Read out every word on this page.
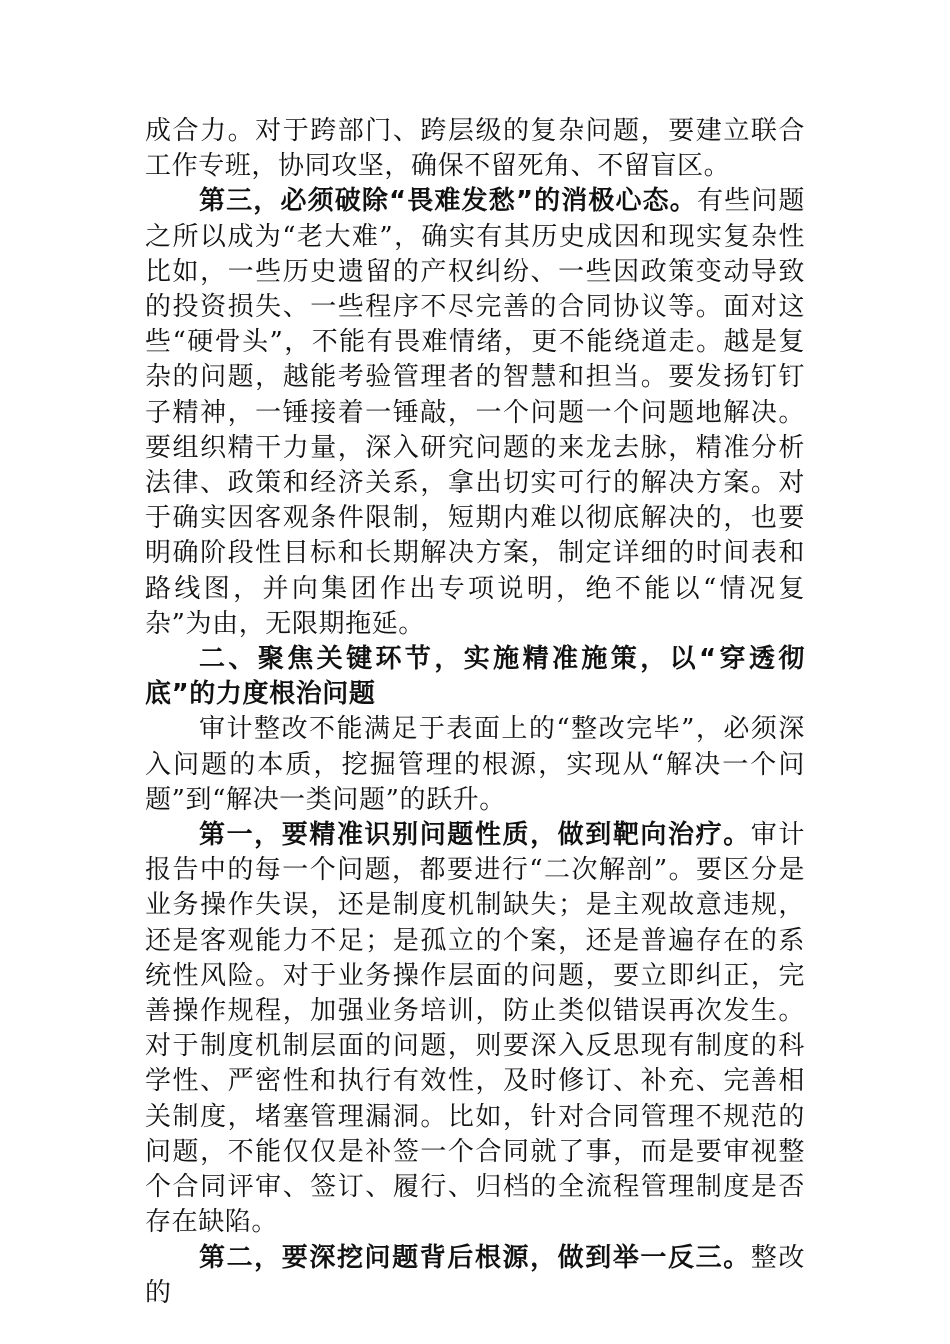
成合力。对于跨部门、跨层级的复杂问题，要建立联合工作专班，协同攻坚，确保不留死角、不留盲区。

第三，必须破除“畏难发愁”的消极心态。有些问题之所以成为“老大难”，确实有其历史成因和现实复杂性比如，一些历史遗留的产权纠纷、一些因政策变动导致的投资损失、一些程序不尽完善的合同协议等。面对这些“硬骨头”，不能有畏难情绪，更不能绕道走。越是复杂的问题，越能考验管理者的智慧和担当。要发扬钉钉子精神，一锤接着一锤敲，一个问题一个问题地解决。要组织精干力量，深入研究问题的来龙去脉，精准分析法律、政策和经济关系，拿出切实可行的解决方案。对于确实因客观条件限制，短期内难以彻底解决的，也要明确阶段性目标和长期解决方案，制定详细的时间表和路线图，并向集团作出专项说明，绝不能以“情况复杂”为由，无限期拖延。

二、聚焦关键环节，实施精准施策，以“穿透彻底”的力度根治问题

审计整改不能满足于表面上的“整改完毕”，必须深入问题的本质，挖掘管理的根源，实现从“解决一个问题”到“解决一类问题”的跃升。

第一，要精准识别问题性质，做到靶向治疗。审计报告中的每一个问题，都要进行“二次解剖”。要区分是业务操作失误，还是制度机制缺失；是主观故意违规，还是客观能力不足；是孤立的个案，还是普遍存在的系统性风险。对于业务操作层面的问题，要立即纠正，完善操作规程，加强业务培训，防止类似错误再次发生。对于制度机制层面的问题，则要深入反思现有制度的科学性、严密性和执行有效性，及时修订、补充、完善相关制度，堵塞管理漏洞。比如，针对合同管理不规范的问题，不能仅仅是补签一个合同就了事，而是要审视整个合同评审、签订、履行、归档的全流程管理制度是否存在缺陷。

第二，要深挖问题背后根源，做到举一反三。整改的
